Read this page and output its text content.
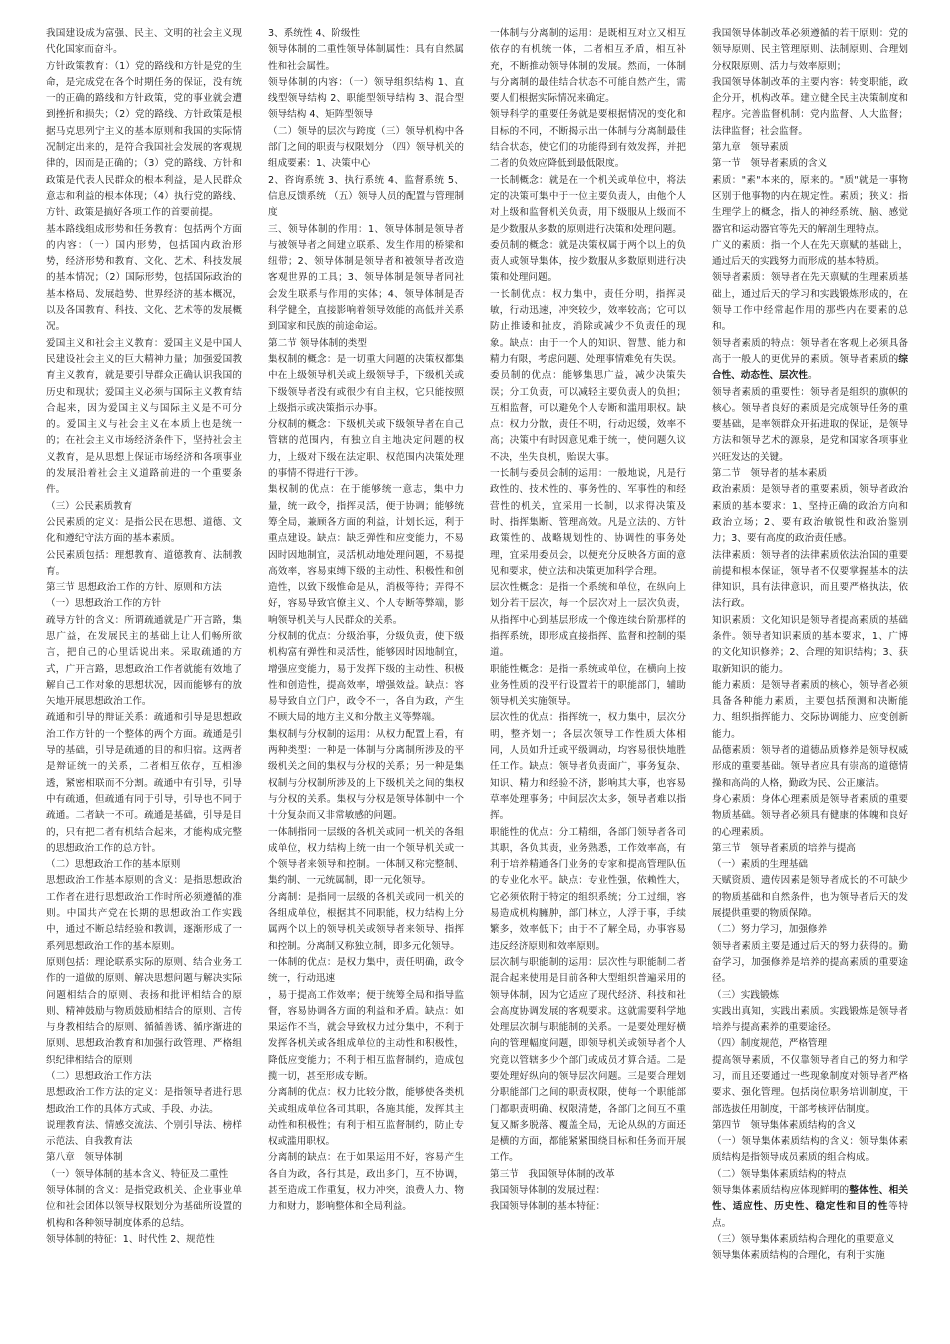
我国建设成为富强、民主、文明的社会主义现代化国家而奋斗。

方针政策教育：（1）党的路线和方针是党的生命，是完成党在各个时期任务的保证，没有统一的正确的路线和方针政策，党的事业就会遭到挫折和损失；（2）党的路线、方针政策是根据马克思列宁主义的基本原则和我国的实际情况制定出来的，是符合我国社会发展的客观规律的，因而是正确的；（3）党的路线、方针和政策是代表人民群众的根本利益，是人民群众意志和利益的根本体现；（4）执行党的路线、方针、政策是搞好各项工作的首要前提。

基本路线组成形势和任务教育：包括两个方面的内容：（一）国内形势，包括国内政治形势，经济形势和教育、文化、艺术、科技发展的基本情况；（2）国际形势，包括国际政治的基本格局、发展趋势、世界经济的基本概况，以及各国教育、科技、文化、艺术等的发展概况。

爱国主义和社会主义教育：爱国主义是中国人民建设社会主义的巨大精神力量；加强爱国教育主义教育，就是要引导群众正确认识我国的历史和现状；爱国主义必须与国际主义教育结合起来，因为爱国主义与国际主义是不可分的。爱国主义与社会主义在本质上也是统一的；在社会主义市场经济条件下，坚持社会主义教育，是从思想上保证市场经济和各项事业的发展沿着社会主义道路前进的一个重要条件。

（三）公民素质教育

公民素质的定义：是指公民在思想、道德、文化和遵纪守法方面的基本素质。

公民素质包括：理想教育、道德教育、法制教育。

第三节 思想政治工作的方针、原则和方法

（一）思想政治工作的方针

疏导方针的含义：所谓疏通就是广开言路，集思广益，在发展民主的基础上让人们畅所欲言，把自己的心里话说出来。采取疏通的方式，广开言路，思想政治工作者就能有效地了解自己工作对象的思想状况，因而能够有的放矢地开展思想政治工作。

疏通和引导的辩证关系：疏通和引导是思想政治工作方针的一个整体的两个方面。疏通是引导的基础，引导是疏通的目的和归宿。这两者是辩证统一的关系，二者相互依存，互相渗透，紧密相联而不分割。疏通中有引导，引导中有疏通，但疏通有同于引导，引导也不同于疏通。二者缺一不可。疏通是基础，引导是目的，只有把二者有机结合起来，才能构成完整的思想政治工作的总方针。

（二）思想政治工作的基本原则

思想政治工作基本原则的含义：是指思想政治工作者在进行思想政治工作时所必须遵循的准则。中国共产党在长期的思想政治工作实践中，通过不断总结经验和教训，逐渐形成了一系列思想政治工作的基本原则。

原则包括：理论联系实际的原则、结合业务工作的一道做的原则、解决思想问题与解决实际问题相结合的原则、表扬和批评相结合的原则、精神鼓励与物质鼓励相结合的原则、言传与身教相结合的原则、循循善诱、循序渐进的原则、思想政治教育和加强行政管理、严格组织纪律相结合的原则

（二）思想政治工作方法

思想政治工作方法的定义：是指领导者进行思想政治工作的具体方式或、手段、办法。

说理教育法、情感交流法、个别引导法、榜样示范法、自我教育法

第八章　领导体制

（一）领导体制的基本含义、特征及二重性

领导体制的含义：是指党政机关、企业事业单位和社会团体以领导权限划分为基础所设置的机构和各种领导制度体系的总结。

领导体制的特征：1、时代性 2、规范性

3、系统性 4、阶级性

领导体制的二重性领导体制属性：具有自然属性和社会属性。

领导体制的内容：（一）领导组织结构 1、直线型领导结构 2、职能型领导结构 3、混合型领导结构 4、矩阵型领导

（二）领导的层次与跨度（三）领导机构中各部门之间的职责与权限划分 （四）领导机关的组成要素：1、决策中心

2、咨询系统 3、执行系统 4、监督系统 5、信息反馈系统 （五）领导人员的配置与管理制度

三、领导体制的作用：1、领导体制是领导者与被领导者之间建立联系、发生作用的桥梁和纽带；2、领导体制是领导者和被领导者改造客观世界的工具；3、领导体制是领导者同社会发生联系与作用的实体；4、领导体制是否科学健全，直接影响着领导效能的高低并关系到国家和民族的前途命运。

第二节 领导体制的类型

集权制的概念：是一切重大问题的决策权都集中在上级领导机关或上级领导手，下级机关或下级领导者没有或很少有自主权，它只能按照上级指示或决策指示办事。

分权制的概念：下级机关或下级领导者在自己管辖的范围内，有独立自主地决定问题的权力，上级对下级在法定职、权范围内决策处理的事情不得进行干涉。

集权制的优点：在于能够统一意志，集中力量，统一政令，指挥灵活，便于协调；能够统筹全局，兼顾各方面的利益，计划长远，利于重点建设。缺点：缺乏弹性和应变能力，不易因时因地制宜，灵活机动地处理问题，不易提高效率，容易束缚下级的主动性、积极性和创造性，以致下级惟命是从，消极等待；弄得不好，容易导致官僚主义、个人专断等弊端，影响领导机关与人民群众的关系。

分权制的优点：分级治事，分级负责，使下级机构富有弹性和灵活性，能够因时因地制宜，增强应变能力，易于发挥下级的主动性、积极性和创造性，提高效率，增强效益。缺点：容易导致自立门户，政令不一，各自为政，产生不顾大局的地方主义和分散主义等弊端。

集权制与分权制的运用：从权力配置上看，有两种类型：一种是一体制与分离制所涉及的平级机关之间的集权与分权的关系；另一种是集权制与分权制所涉及的上下级机关之间的集权与分权的关系。集权与分权是领导体制中一个十分复杂而又非常敏感的问题。

一体制指同一层级的各机关或同一机关的各组成单位，权力结构上统一由一个领导机关或一个领导者来领导和控制。一体制又称完整制、集约制、一元统属制，即一元化领导。

分离制：是指同一层级的各机关或同一机关的各组成单位，根据其不同职能，权力结构上分属两个以上的领导机关或领导者来领导、指挥和控制。分离制又称独立制，即多元化领导。

一体制的优点：是权力集中，责任明确，政令统一，行动迅速

，易于提高工作效率；便于统筹全局和指导监督，容易协调各方面的利益和矛盾。缺点：如果运作不当，就会导致权力过分集中，不利于发挥各机关或各组成单位的主动性和积极性，降低应变能力；不利于相互监督制约，造成包揽一切，甚至形成专断。

分离制的优点：权力比较分散，能够使各类机关或组成单位各司其职，各施其能，发挥其主动性和积极性；有利于相互监督制约，防止专权或滥用职权。

分离制的缺点：在于如果运用不好，容易产生各自为政，各行其是，政出多门，互不协调，甚至造成工作重复，权力冲突，浪费人力、物力和财力，影响整体和全局利益。

一体制与分离制的运用：是既相互对立又相互依存的有机统一体，二者相互矛盾，相互补充，不断推动领导体制的发展。然而，一体制与分离制的最佳结合状态不可能自然产生，需要人们根据实际情况来确定。

领导科学的重要任务就是要根据情况的变化和目标的不同，不断揭示出一体制与分离制最佳结合状态，使它们的功能得到有效发挥，并把二者的负效应降低到最低限度。

一长制概念：就是在一个机关或单位中，将法定的决策可集中于一位主要负责人，由他个人对上级和监督机关负责，用下级服从上级而不是少数服从多数的原则进行决策和处理问题。

委员制的概念：就是决策权属于两个以上的负责人或领导集体，按少数服从多数原则进行决策和处理问题。

一长制优点：权力集中，责任分明，指挥灵敏，行动迅速，冲突较少，效率较高；它可以防止推诿和扯皮，消除或减少不负责任的现象。缺点：由于一个人的知识、智慧、能力和精力有限，考虑问题、处理事情难免有失误。

委员制的优点：能够集思广益，减少决策失误；分工负责，可以减轻主要负责人的负担；互相监督，可以避免个人专断和滥用职权。缺点：权力分散，责任不明，行动迟缓，效率不高；决策中有时因意见难于统一，使问题久议不决，坐失良机，贻误大事。

一长制与委员会制的运用：一般地说，凡是行政性的、技术性的、事务性的、军事性的和经营性的机关，宜采用一长制，以求得决策及时、指挥集断、管理高效。凡是立法的、方针政策性的、战略规划性的、协调性的事务处理，宜采用委员会，以便充分反映各方面的意见和要求，使立法和决策更加科学合理。

层次性概念：是指一个系统和单位，在纵向上划分若干层次，每一个层次对上一层次负责，从指挥中心到基层形成一个像连续台阶那样的指挥系统，即形成直接指挥、监督和控制的渠道。

职能性概念：是指一系统或单位，在横向上按业务性质的没平行设置若干的职能部门，辅助领导机关实施领导。

层次性的优点：指挥统一，权力集中，层次分明，整齐划一；各层次领导工作性质大体相同，人员如升迁或平级调动，均容易很快地胜任工作。缺点：领导者负责面广，事务复杂、知识、精力和经验不济，影响其大事，也容易草率处理事务；中间层次太多，领导者难以指挥。

职能性的优点：分工精细，各部门领导者各司其职，各负其责，业务熟悉，工作效率高，有利于培养精通各门业务的专家和提高管理队伍的专业化水平。缺点：专业性强，依赖性大，它必须依附于特定的组织系统；分工过细，容易造成机构臃肿，部门林立，人浮于事，手续繁多，效率低下；由于不了解全局，办事容易违反经济原则和效率原则。

层次制与职能制的运用：层次性与职能制二者混合起来使用是目前各种大型组织普遍采用的领导体制，因为它适应了现代经济、科技和社会高度协调发展的客观要求。这就需要科学地处理层次制与职能制的关系。一是要处理好横向的管理幅度问题，即领导机关或领导者个人究竟以管辖多少个部门或成员才算合适。二是要处理好纵向的领导层次问题。三是要合理划分职能部门之间的职责权限，使每一个职能部门都职责明确、权限清楚，各部门之间互不重复又厮多脱落、覆盖全局，无论从纵的方面还是横的方面，都能紧紧围绕目标和任务而开展工作。

第三节　我国领导体制的改革

我国领导体制的发展过程：

我国领导体制的基本特征：

我国领导体制改革必须遵循的若干原则：党的领导原则、民主管理原则、法制原则、合理划分权限原则、活力与效率原则；

我国领导体制改革的主要内容：转变职能，政企分开，机构改革。建立健全民主决策制度和程序。完善监督机制：党内监督、人大监督；法律监督；社会监督。

第九章　领导素质

第一节　领导者素质的含义

素质："素"本来的，原来的。"质"就是一事物区别于他事物的内在规定性。素质；狭义：指生理学上的概念，指人的神经系统、脑、感觉器官和运动器官等先天的解剖生理特点。

广义的素质：指一个人在先天禀赋的基础上，通过后天的实践努力而形成的基本特质。

领导者素质：领导者在先天禀赋的生理素质基础上，通过后天的学习和实践锻炼形成的，在领导工作中经常起作用的那些内在要素的总和。

领导者素质的特点：领导者在客观上必须具备高于一般人的更优异的素质。领导者素质的综合性、动态性、层次性。

领导者素质的重要性：领导者是组织的旗帜的核心。领导者良好的素质是完成领导任务的重要基础，是率领群众开拓进取的保证，是领导方法和领导艺术的源泉，是党和国家各项事业兴旺发达的关键。

第二节　领导者的基本素质

政治素质：是领导者的重要素质，领导者政治素质的基本要求：1、坚持正确的政治方向和政治立场；2、要有政治敏锐性和政治鉴别力；3、要有高度的政治责任感。

法律素质：领导者的法律素质依法治国的重要前提和根本保证，领导者不仅要掌握基本的法律知识，具有法律意识，而且要严格执法，依法行政。

知识素质：文化知识是领导者提高素质的基础条件。领导者知识素质的基本要求，1、广博的文化知识修养；2、合理的知识结构；3、获取新知识的能力。

能力素质：是领导者素质的核心，领导者必须具备各种能力素质，主要包括预测和决断能力、组织指挥能力、交际协调能力、应变创新能力。

品德素质：领导者的道德品质修养是领导权威形成的重要基础。领导者应具有崇高的道德情操和高尚的人格，勤政为民、公正廉洁。

身心素质：身体心理素质是领导者素质的重要物质基础。领导者必须具有健康的体魄和良好的心理素质。

第三节　领导者素质的培养与提高

（一）素质的生理基础

天赋资质、遗传因素是领导者成长的不可缺少的物质基础和自然条件，也为领导者后天的发展提供重要的物质保障。

（二）努力学习，加强修养

领导者素质主要是通过后天的努力获得的。勤奋学习，加强修养是培养的提高素质的重要途径。

（三）实践锻炼

实践出真知，实践出素质。实践锻炼是领导者培养与提高素养的重要途径。

（四）制度规范，严格管理

提高领导素质，不仅靠领导者自己的努力和学习，而且还要通过一些现象制度对领导者严格要求、强化管理。包括岗位职务培训制度，干部选拔任用制度，干部考核评估制度。

第四节　领导集体素质结构的含义

（一）领导集体素质结构的含义：领导集体素质结构是指领导成员素质的组合构成。

（二）领导集体素质结构的特点

领导集体素质结构应体现鲜明的整体性、相关性、适应性、历史性、稳定性和目的性等特点。

（三）领导集体素质结构合理化的重要意义

领导集体素质结构的合理化，有利于实施
